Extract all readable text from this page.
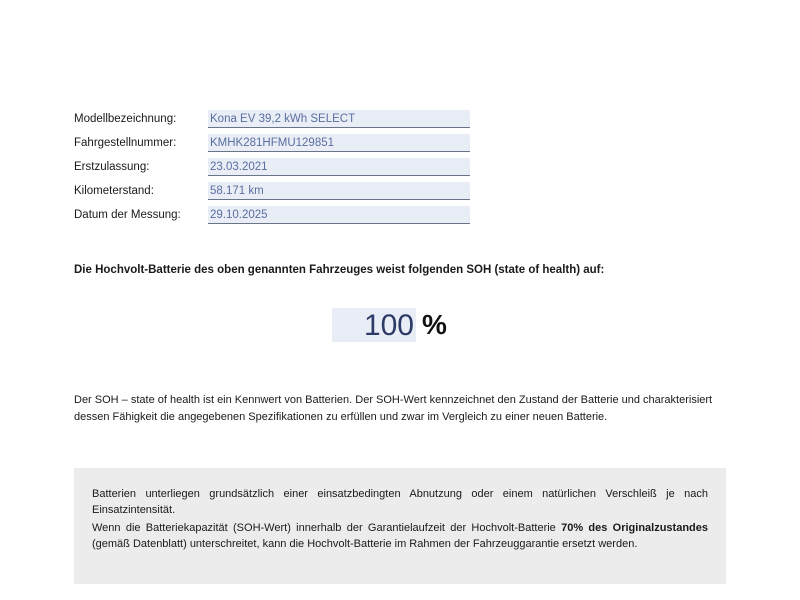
Modellbezeichnung:	Kona EV 39,2 kWh SELECT
Fahrgestellnummer:	KMHK281HFMU129851
Erstzulassung:	23.03.2021
Kilometerstand:	58.171 km
Datum der Messung:	29.10.2025
Die Hochvolt-Batterie des oben genannten Fahrzeuges weist folgenden SOH (state of health) auf:
100 %
Der SOH – state of health ist ein Kennwert von Batterien. Der SOH-Wert kennzeichnet den Zustand der Batterie und charakterisiert dessen Fähigkeit die angegebenen Spezifikationen zu erfüllen und zwar im Vergleich zu einer neuen Batterie.

Batterien unterliegen grundsätzlich einer einsatzbedingten Abnutzung oder einem natürlichen Verschleiß je nach Einsatzintensität.

Wenn die Batteriekapazität (SOH-Wert) innerhalb der Garantielaufzeit der Hochvolt-Batterie 70% des Originalzustandes (gemäß Datenblatt) unterschreitet, kann die Hochvolt-Batterie im Rahmen der Fahrzeuggarantie ersetzt werden.
